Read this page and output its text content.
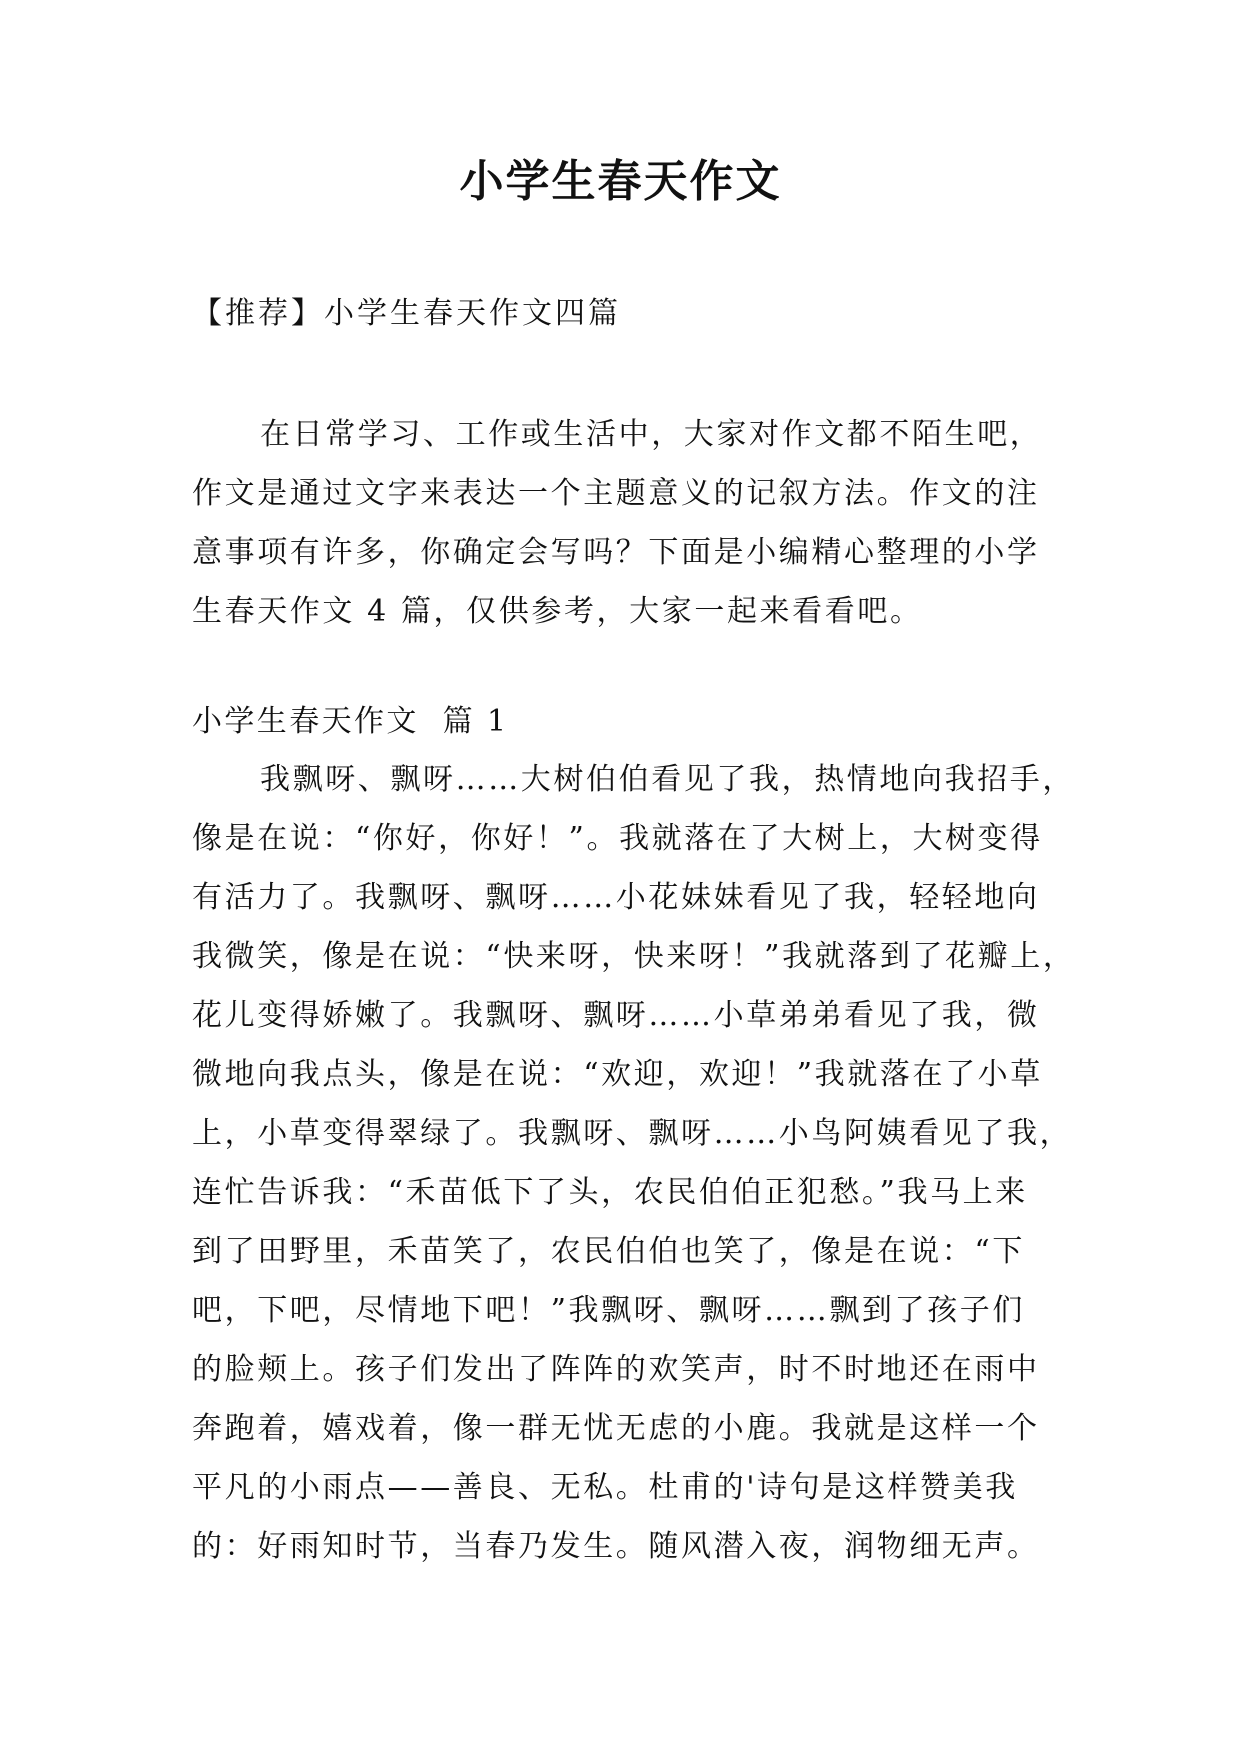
小学生春天作文

【推荐】小学生春天作文四篇

在日常学习、工作或生活中，大家对作文都不陌生吧，
作文是通过文字来表达一个主题意义的记叙方法。作文的注
意事项有许多，你确定会写吗？下面是小编精心整理的小学
生春天作文 4 篇，仅供参考，大家一起来看看吧。

小学生春天作文  篇 1

我飘呀、飘呀……大树伯伯看见了我，热情地向我招手，
像是在说：“你好，你好！”。我就落在了大树上，大树变得
有活力了。我飘呀、飘呀……小花妹妹看见了我，轻轻地向
我微笑，像是在说：“快来呀，快来呀！”我就落到了花瓣上，
花儿变得娇嫩了。我飘呀、飘呀……小草弟弟看见了我，微
微地向我点头，像是在说：“欢迎，欢迎！”我就落在了小草
上，小草变得翠绿了。我飘呀、飘呀……小鸟阿姨看见了我，
连忙告诉我：“禾苗低下了头，农民伯伯正犯愁。”我马上来
到了田野里，禾苗笑了，农民伯伯也笑了，像是在说：“下
吧，下吧，尽情地下吧！”我飘呀、飘呀……飘到了孩子们
的脸颊上。孩子们发出了阵阵的欢笑声，时不时地还在雨中
奔跑着，嬉戏着，像一群无忧无虑的小鹿。我就是这样一个
平凡的小雨点——善良、无私。杜甫的'诗句是这样赞美我
的：好雨知时节，当春乃发生。随风潜入夜，润物细无声。
